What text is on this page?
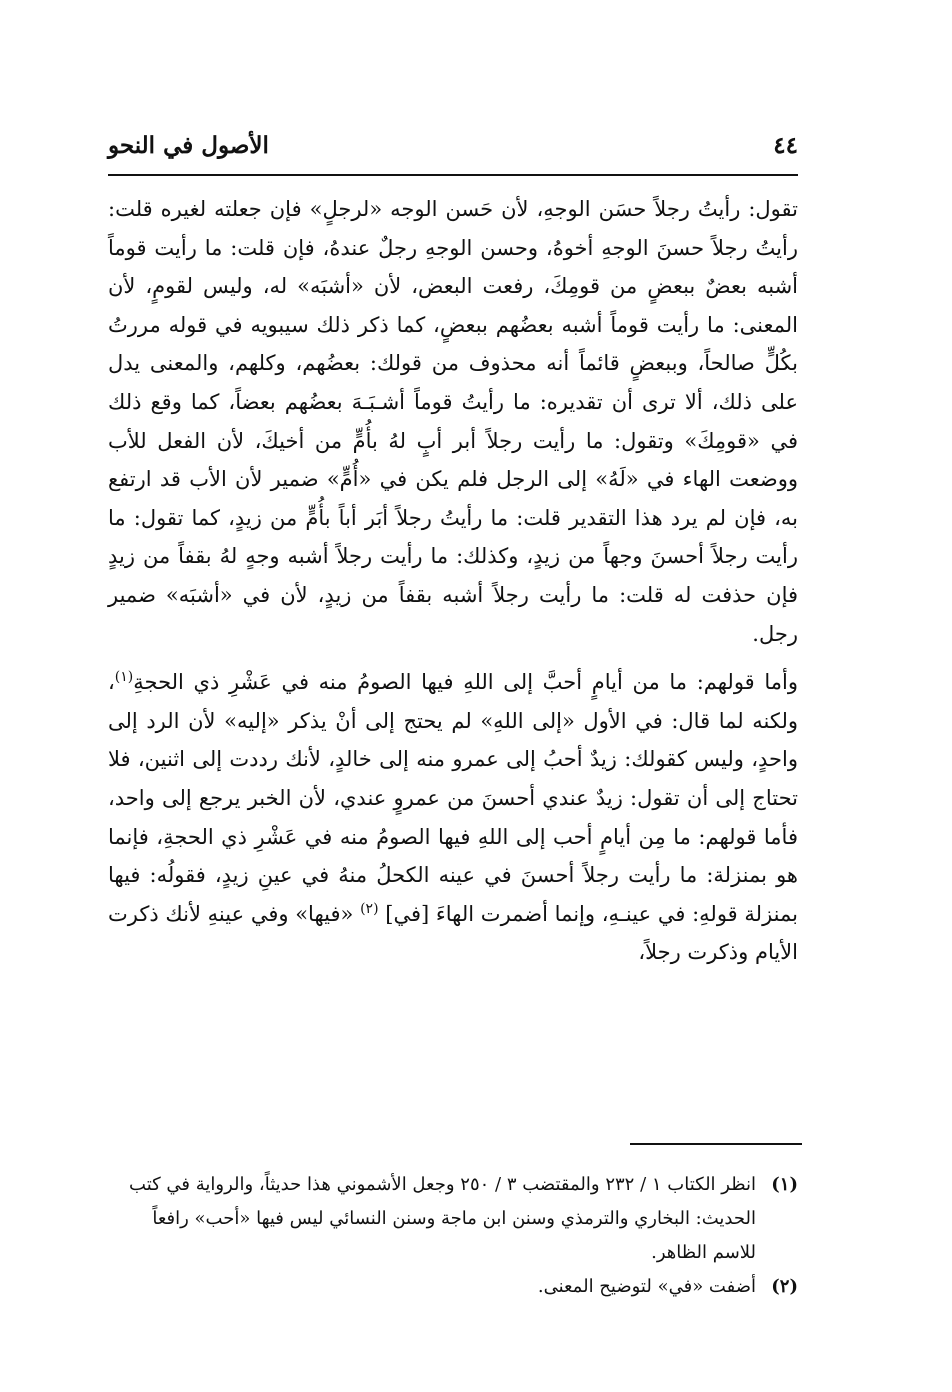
٤٤
الأصول في النحو

تقول: رأيتُ رجلاً حسَن الوجهِ، لأن حَسن الوجه «لرجلٍ» فإن جعلته لغيره قلت: رأيتُ رجلاً حسنَ الوجهِ أخوهُ، وحسن الوجهِ رجلٌ عندهُ، فإن قلت: ما رأيت قوماً أشبه بعضٌ ببعضٍ من قومِكَ، رفعت البعض، لأن «أشبَه» له، وليس لقومٍ، لأن المعنى: ما رأيت قوماً أشبه بعضُهم ببعضٍ، كما ذكر ذلك سيبويه في قوله مررتُ بكُلٍّ صالحاً، وببعضٍ قائماً أنه محذوف من قولك: بعضُهم، وكلهم، والمعنى يدل على ذلك، ألا ترى أن تقديره: ما رأيتُ قوماً أشـبَـهَ بعضُهم بعضاً، كما وقع ذلك في «قومِكَ» وتقول: ما رأيت رجلاً أبر أبٍ لهُ بأُمٍّ من أخيكَ، لأن الفعل للأب ووضعت الهاء في «لَهُ» إلى الرجل فلم يكن في «أُمٍّ» ضمير لأن الأب قد ارتفع به، فإن لم يرد هذا التقدير قلت: ما رأيتُ رجلاً أبَر أباً بأُمٍّ من زيدٍ، كما تقول: ما رأيت رجلاً أحسنَ وجهاً من زيدٍ، وكذلك: ما رأيت رجلاً أشبه وجهٍ لهُ بقفاً من زيدٍ فإن حذفت له قلت: ما رأيت رجلاً أشبه بقفاً من زيدٍ، لأن في «أشبَه» ضمير رجل.

وأما قولهم: ما من أيامٍ أحبَّ إلى اللهِ فيها الصومُ منه في عَشْرِ ذي الحجةِ$^{(١)}$، ولكنه لما قال: في الأول «إلى اللهِ» لم يحتج إلى أنْ يذكر «إليه» لأن الرد إلى واحدٍ، وليس كقولك: زيدٌ أحبُ إلى عمرو منه إلى خالدٍ، لأنك رددت إلى اثنين، فلا تحتاج إلى أن تقول: زيدٌ عندي أحسنَ من عمروٍ عندي، لأن الخبر يرجع إلى واحد، فأما قولهم: ما مِن أيامٍ أحب إلى اللهِ فيها الصومُ منه في عَشْرِ ذي الحجةِ، فإنما هو بمنزلة: ما رأيت رجلاً أحسنَ في عينه الكحلُ منهُ في عينِ زيدٍ، فقولُه: فيها بمنزلة قولهِ: في عينـهِ، وإنما أضمرت الهاءَ [في] $^{(٢)}$ «فيها» وفي عينهِ لأنك ذكرت الأيام وذكرت رجلاً،

(١)
انظر الكتاب ١ / ٢٣٢ والمقتضب ٣ / ٢٥٠ وجعل الأشموني هذا حديثاً، والرواية في كتب الحديث: البخاري والترمذي وسنن ابن ماجة وسنن النسائي ليس فيها «أحب» رافعاً للاسم الظاهر.
(٢)
أضفت «في» لتوضيح المعنى.
